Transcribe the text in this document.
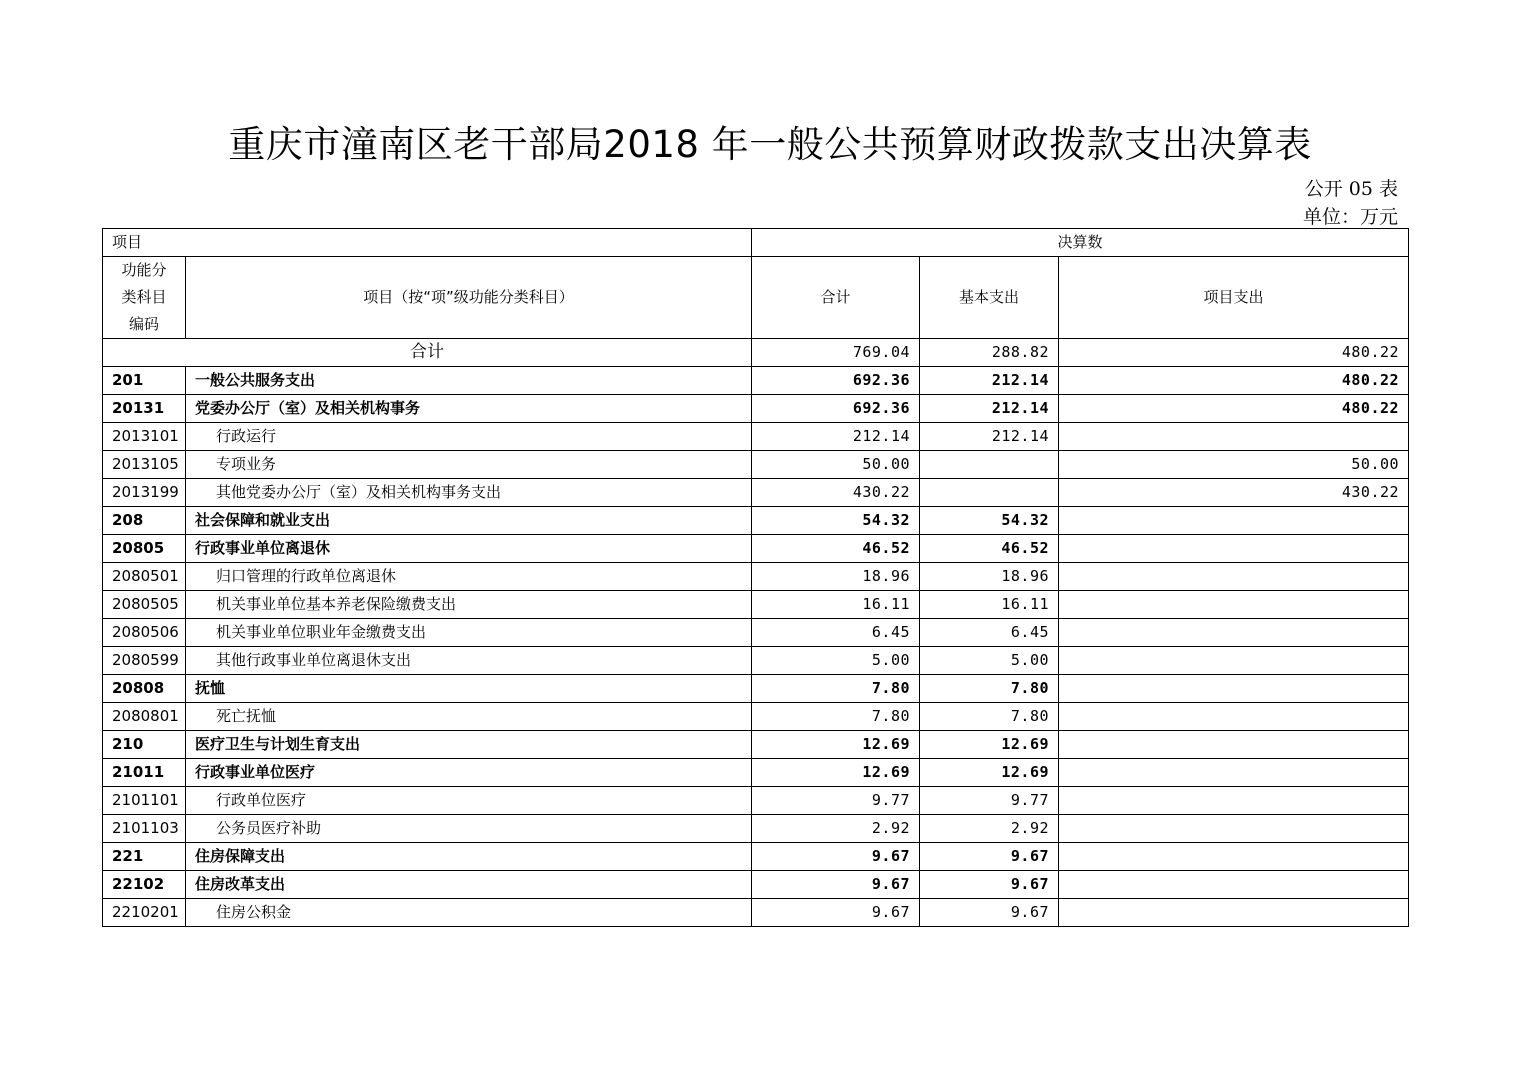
重庆市潼南区老干部局2018 年一般公共预算财政拨款支出决算表
公开 05 表
单位：万元
项目		决算数		
功能分类科目编码	项目（按“项”级功能分类科目）	合计	基本支出	项目支出
合计		769.04	288.82	480.22
201	一般公共服务支出	692.36	212.14	480.22
20131	党委办公厅（室）及相关机构事务	692.36	212.14	480.22
2013101	行政运行	212.14	212.14	
2013105	专项业务	50.00		50.00
2013199	其他党委办公厅（室）及相关机构事务支出	430.22		430.22
208	社会保障和就业支出	54.32	54.32	
20805	行政事业单位离退休	46.52	46.52	
2080501	归口管理的行政单位离退休	18.96	18.96	
2080505	机关事业单位基本养老保险缴费支出	16.11	16.11	
2080506	机关事业单位职业年金缴费支出	6.45	6.45	
2080599	其他行政事业单位离退休支出	5.00	5.00	
20808	抚恤	7.80	7.80	
2080801	死亡抚恤	7.80	7.80	
210	医疗卫生与计划生育支出	12.69	12.69	
21011	行政事业单位医疗	12.69	12.69	
2101101	行政单位医疗	9.77	9.77	
2101103	公务员医疗补助	2.92	2.92	
221	住房保障支出	9.67	9.67	
22102	住房改革支出	9.67	9.67	
2210201	住房公积金	9.67	9.67	
